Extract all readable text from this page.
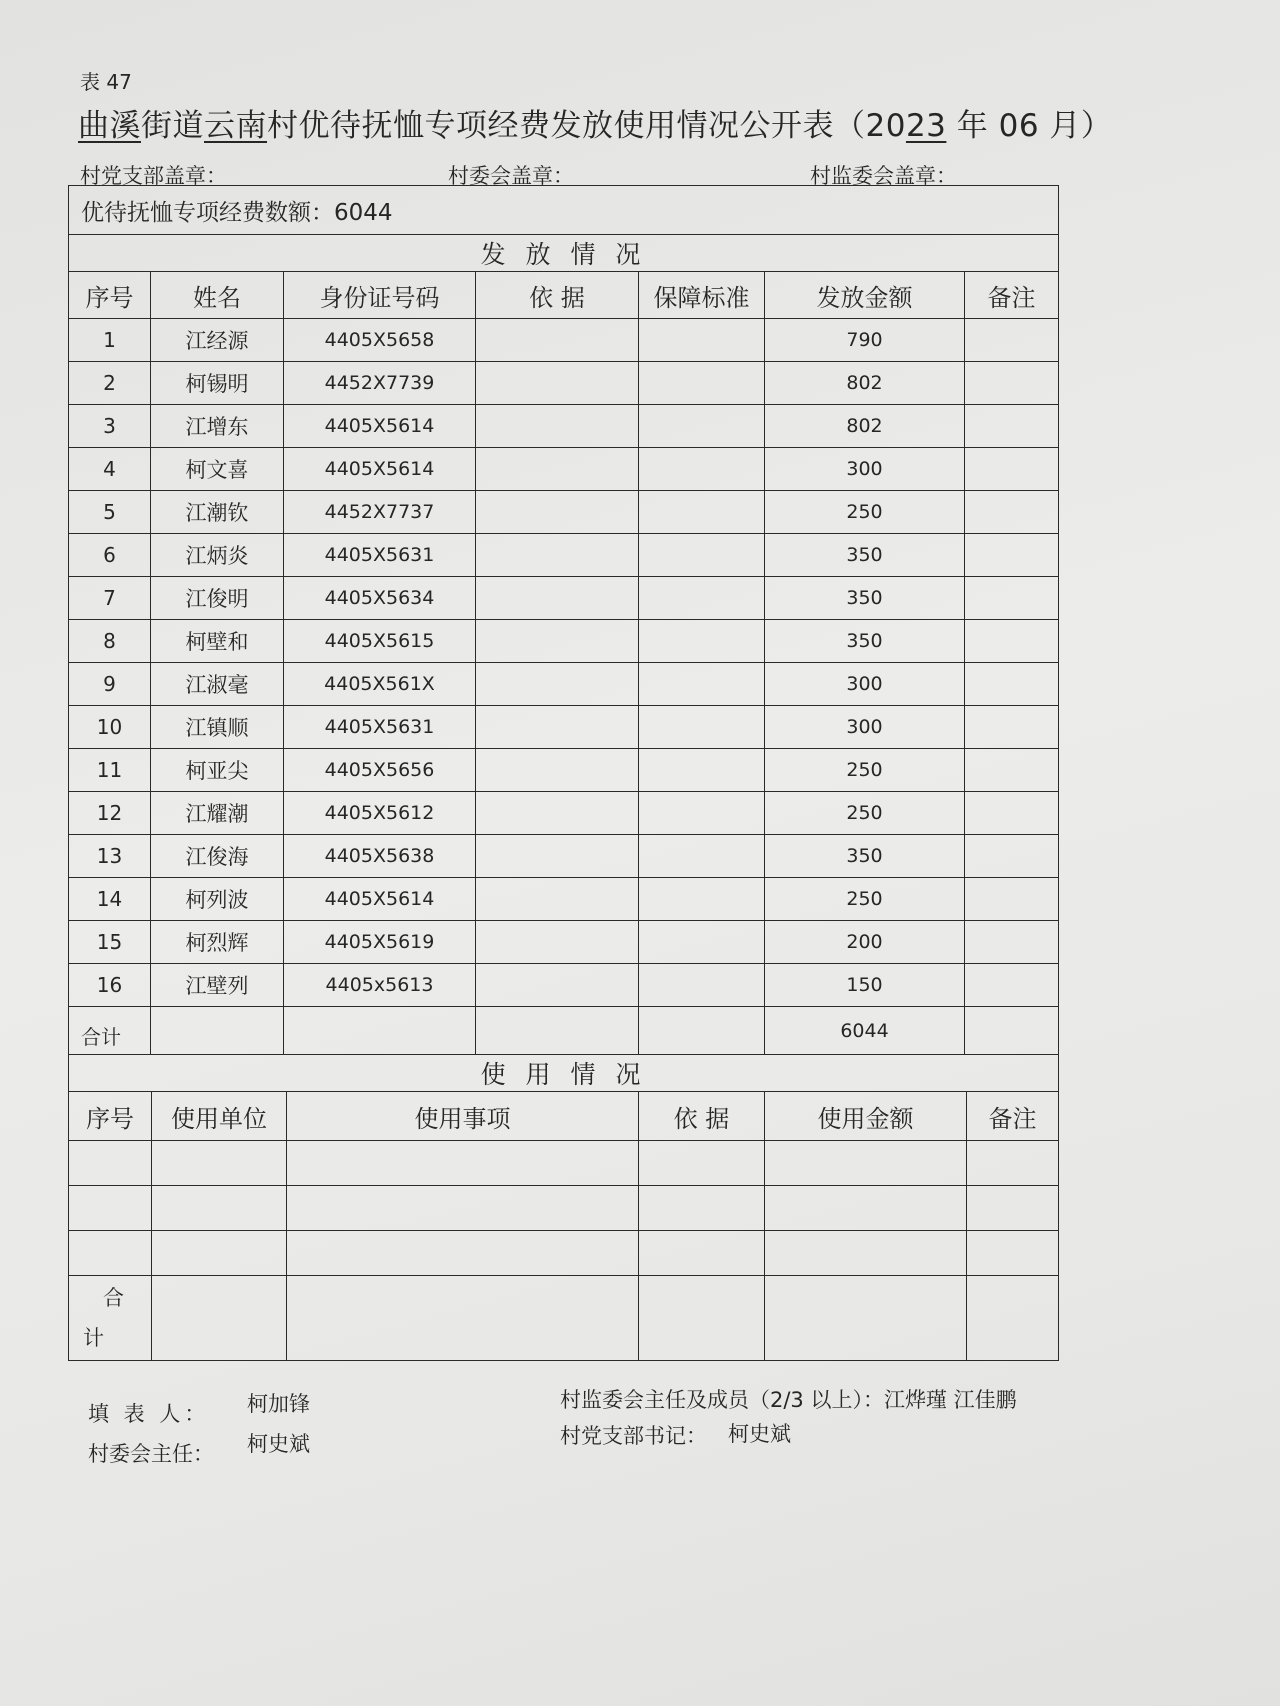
表 47
曲溪街道云南村优待抚恤专项经费发放使用情况公开表（2023 年 06 月）
村党支部盖章：	村委会盖章：	村监委会盖章：
优待抚恤专项经费数额：6044						
发 放 情 况						
序号	姓名	身份证号码	依 据	保障标准	发放金额	备注
1	江经源	4405X5658			790	
2	柯锡明	4452X7739			802	
3	江增东	4405X5614			802	
4	柯文喜	4405X5614			300	
5	江潮钦	4452X7737			250	
6	江炳炎	4405X5631			350	
7	江俊明	4405X5634			350	
8	柯壁和	4405X5615			350	
9	江淑毫	4405X561X			300	
10	江镇顺	4405X5631			300	
11	柯亚尖	4405X5656			250	
12	江耀潮	4405X5612			250	
13	江俊海	4405X5638			350	
14	柯列波	4405X5614			250	
15	柯烈辉	4405X5619			200	
16	江壁列	4405x5613			150	
合计					6044	
使 用 情 况					
序号	使用单位	使用事项	依 据	使用金额	备注

合
计					

填 表 人： 柯加锋
村委会主任： 柯史斌
村监委会主任及成员（2/3 以上）：江烨瑾 江佳鹏
村党支部书记： 柯史斌
